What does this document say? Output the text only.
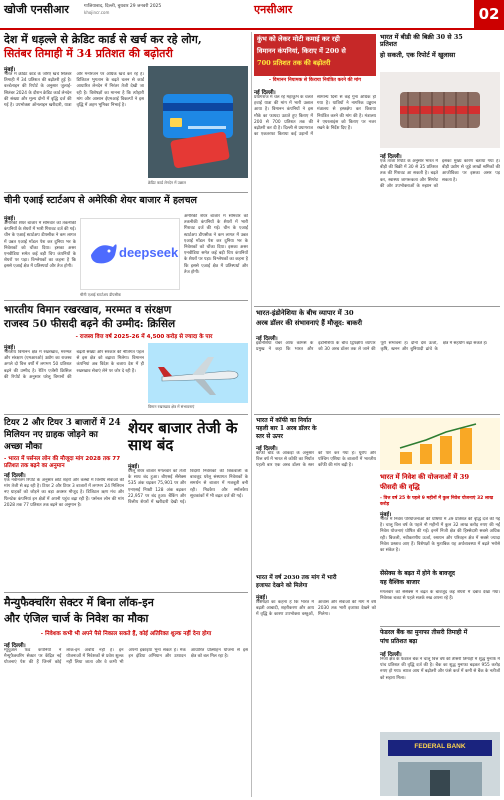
खोजी एनसीआर	गाजियाबाद, दिल्ली, बुधवार 29 जनवरी 2025
khojincr.com	एनसीआर	02
देश में धड़ल्ले से क्रेडिट कार्ड से खर्च कर रहे लोग,
सितंबर तिमाही में 34 प्रतिशत की बढ़ोतरी
मुंबई।
भारत में क्रेडिट कार्ड के जरिए खर्च सितंबर तिमाही में 34 प्रतिशत की बढ़ोतरी हुई है। वर्ल्डलाइन की रिपोर्ट के अनुसार जुलाई-सितंबर 2024 के दौरान क्रेडिट कार्ड लेनदेन की संख्या और मूल्य दोनों में वृद्धि दर्ज की गई है। उपभोक्ता ऑनलाइन खरीदारी, यात्रा और मनोरंजन पर अधिक खर्च कर रहे हैं। डिजिटल भुगतान के बढ़ते चलन से कार्ड आधारित लेनदेन में निरंतर तेजी देखी जा रही है। विशेषज्ञों का मानना है कि त्योहारी मांग और आसान ईएमआई विकल्पों ने इस वृद्धि में अहम भूमिका निभाई है।
क्रेडिट कार्ड लेनदेन में उछाल
चीनी एआई स्टार्टअप से अमेरिकी शेयर बाजार में हलचल
मुंबई।
अमेरिकी शेयर बाजार में सोमवार को तकनीकी कंपनियों के शेयरों में भारी गिरावट दर्ज की गई। चीन के एआई स्टार्टअप डीपसीक ने कम लागत में उन्नत एआई मॉडल पेश कर दुनिया भर के निवेशकों को चौंका दिया। इसका असर एनवीडिया समेत कई बड़ी चिप कंपनियों के शेयरों पर पड़ा। विश्लेषकों का कहना है कि इससे एआई क्षेत्र में प्रतिस्पर्धा और तेज होगी।
deepseek
चीनी एआई स्टार्टअप डीपसीक
अमेरिकी शेयर बाजार में सोमवार को तकनीकी कंपनियों के शेयरों में भारी गिरावट दर्ज की गई। चीन के एआई स्टार्टअप डीपसीक ने कम लागत में उन्नत एआई मॉडल पेश कर दुनिया भर के निवेशकों को चौंका दिया। इसका असर एनवीडिया समेत कई बड़ी चिप कंपनियों के शेयरों पर पड़ा। विश्लेषकों का कहना है कि इससे एआई क्षेत्र में प्रतिस्पर्धा और तेज होगी।
भारतीय विमान रखरखाव, मरम्मत व संरक्षण
राजस्व 50 फीसदी बढ़ने की उम्मीद: क्रिसिल
- राजस्व वित्त वर्ष 2025-26 में 4,500 करोड़ से ज्यादा के पार
मुंबई।
भारतीय विमानन क्षेत्र में रखरखाव, मरम्मत और संरक्षण (एमआरओ) उद्योग का राजस्व अगले दो वित्त वर्षों में लगभग 50 प्रतिशत बढ़ने की उम्मीद है। रेटिंग एजेंसी क्रिसिल की रिपोर्ट के अनुसार घरेलू विमानों की बढ़ती संख्या और सरकार की नीतिगत पहल से इस क्षेत्र को बढ़ावा मिलेगा। विमानन कंपनियां अब विदेश के बजाय देश में ही रखरखाव सेवाएं लेने पर जोर दे रही हैं।
विमान रखरखाव क्षेत्र में संभावनाएं
टियर 2 और टियर 3 बाजारों में 24
मिलियन नए ग्राहक जोड़ने का
अच्छा मौका
- भारत में पर्सनल लोन की मौजूदा मांग 2028 तक 77 प्रतिशत तक बढ़ने का अनुमान
नई दिल्ली।
एक नवीनतम रिपोर्ट के अनुसार छोटे शहरों और कस्बों में वित्तीय सेवाओं की मांग तेजी से बढ़ रही है। टियर 2 और टियर 3 बाजारों में लगभग 24 मिलियन नए ग्राहकों को जोड़ने का बड़ा अवसर मौजूद है। डिजिटल ऋण मंच और फिनटेक कंपनियां इन क्षेत्रों में अपनी पहुंच बढ़ा रही हैं। पर्सनल लोन की मांग 2028 तक 77 प्रतिशत तक बढ़ने का अनुमान है।
शेयर बाजार तेजी के साथ बंद
मुंबई।
घरेलू शेयर बाजार मंगलवार को तेजी के साथ बंद हुआ। बीएसई सेंसेक्स 535 अंक चढ़कर 75,901 पर और एनएसई निफ्टी 128 अंक बढ़कर 22,957 पर बंद हुआ। बैंकिंग और वित्तीय शेयरों में खरीदारी देखी गई। विदेशी निवेशकों की बिकवाली के बावजूद घरेलू संस्थागत निवेशकों के समर्थन से बाजार में मजबूती बनी रही। मिडकैप और स्मॉलकैप सूचकांकों में भी बढ़त दर्ज की गई।
मैन्युफैक्चरिंग सेक्टर में बिना लॉक-इन
और एंजिल चार्ज के निवेश का मौका
- निवेशक कभी भी अपने पैसे निकाल सकते हैं, कोई अतिरिक्त शुल्क नहीं देना होगा
नई दिल्ली।
म्यूचुअल फंड कंपनियों ने मैन्युफैक्चरिंग सेक्टर पर केंद्रित नई योजनाएं पेश की हैं जिनमें कोई लॉक-इन अवधि नहीं है। इन योजनाओं में निवेशकों से प्रवेश शुल्क नहीं लिया जाता और वे कभी भी अपनी इकाइयां भुना सकते हैं। मेक इन इंडिया अभियान और उत्पादन आधारित प्रोत्साहन योजना से इस क्षेत्र को बल मिल रहा है।
कुंभ को लेकर मोटी कमाई कर रही
विमानन कंपनियां, किराए में 200 से
700 प्रतिशत तक की बढ़ोतरी
- विमानन नियामक से किराया नियंत्रित करने की मांग
नई दिल्ली।
प्रयागराज में चल रहे महाकुंभ के चलते हवाई यात्रा की मांग में भारी उछाल आया है। विमानन कंपनियों ने इस मौके का फायदा उठाते हुए किराए में 200 से 700 प्रतिशत तक की बढ़ोतरी कर दी है। दिल्ली से प्रयागराज का एकतरफा किराया कई उड़ानों में सामान्य दिनों से कई गुना अधिक हो गया है। यात्रियों ने नागरिक उड्डयन मंत्रालय से हस्तक्षेप कर किराया नियंत्रित करने की मांग की है। मंत्रालय ने एयरलाइंस को किराए पर नजर रखने के निर्देश दिए हैं।
भारत में बीडी की बिक्री 30 से 35 प्रतिशत
हो सकती, एक रिपोर्ट में खुलासा
नई दिल्ली।
एक ताजा रिपोर्ट के अनुसार भारत में बीड़ी की बिक्री में 30 से 35 प्रतिशत तक की गिरावट आ सकती है। बढ़ते कर, स्वास्थ्य जागरूकता और सिगरेट की ओर उपभोक्ताओं के रुझान को इसका मुख्य कारण बताया गया है। बीड़ी उद्योग से जुड़े लाखों श्रमिकों की आजीविका पर इसका असर पड़ सकता है।
भारत-इंडोनेशिया के बीच व्यापार में 30
अरब डॉलर की संभावनाएं हैं मौजूद: बाकरी
नई दिल्ली।
इंडोनेशिया चैंबर ऑफ कॉमर्स के प्रमुख ने कहा कि भारत और इंडोनेशिया के बीच द्विपक्षीय व्यापार को 30 अरब डॉलर तक ले जाने की पूरी संभावना है। दोनों देश ऊर्जा, कृषि, खनन और बुनियादी ढांचे के क्षेत्र में सहयोग बढ़ा सकते हैं।
भारत में कॉफी का निर्यात
पहली बार 1 अरब डॉलर के
स्तर से ऊपर
नई दिल्ली।
कॉफी बोर्ड के आंकड़ों के अनुसार वित्त वर्ष में भारत से कॉफी का निर्यात पहली बार एक अरब डॉलर के स्तर को पार कर गया है। यूरोप और पश्चिम एशिया के बाजारों में भारतीय कॉफी की मांग बढ़ी है।
भारत में वर्ष 2030 तक मांग में भारी
इजाफा देखने को मिलेगा
मुंबई।
विशेषज्ञों का कहना है कि भारत में बढ़ती आबादी, शहरीकरण और आय में वृद्धि के कारण उपभोक्ता वस्तुओं, आवास और सेवाओं की मांग में वर्ष 2030 तक भारी इजाफा देखने को मिलेगा।
भारत में निवेश की योजनाओं में 39
फीसदी की वृद्धि
- वित्त वर्ष 25 के पहले 9 महीनों में कुल निवेश योजनाएं 32 लाख करोड़
मुंबई।
भारत में निवेश परियोजनाओं की घोषणा में 39 प्रतिशत की वृद्धि दर्ज की गई है। चालू वित्त वर्ष के पहले नौ महीनों में कुल 32 लाख करोड़ रुपए की नई निवेश योजनाएं घोषित की गईं। इनमें निजी क्षेत्र की हिस्सेदारी सबसे अधिक रही। बिजली, नवीकरणीय ऊर्जा, रसायन और परिवहन क्षेत्र में सबसे ज्यादा निवेश प्रस्ताव आए हैं। विशेषज्ञों के मुताबिक यह अर्थव्यवस्था में बढ़ते भरोसे का संकेत है।
सेंसेक्स के बढ़त में होने के बावजूद
यह वैश्विक बाजार
मंगलवार को सेंसेक्स में बढ़त के बावजूद कई शेयरों में दबाव देखा गया। निवेशक बजट से पहले सतर्क रुख अपना रहे हैं।
फेडरल बैंक का मुनाफा तीसरी तिमाही में
पांच प्रतिशत बढ़ा
नई दिल्ली।
निजी क्षेत्र के फेडरल बैंक ने चालू वित्त वर्ष की तीसरी तिमाही में शुद्ध मुनाफे में पांच प्रतिशत की वृद्धि दर्ज की है। बैंक का शुद्ध मुनाफा बढ़कर 955 करोड़ रुपए हो गया। ब्याज आय में बढ़ोतरी और फंसे कर्ज में कमी से बैंक के नतीजों को सहारा मिला।
FEDERAL BANK
